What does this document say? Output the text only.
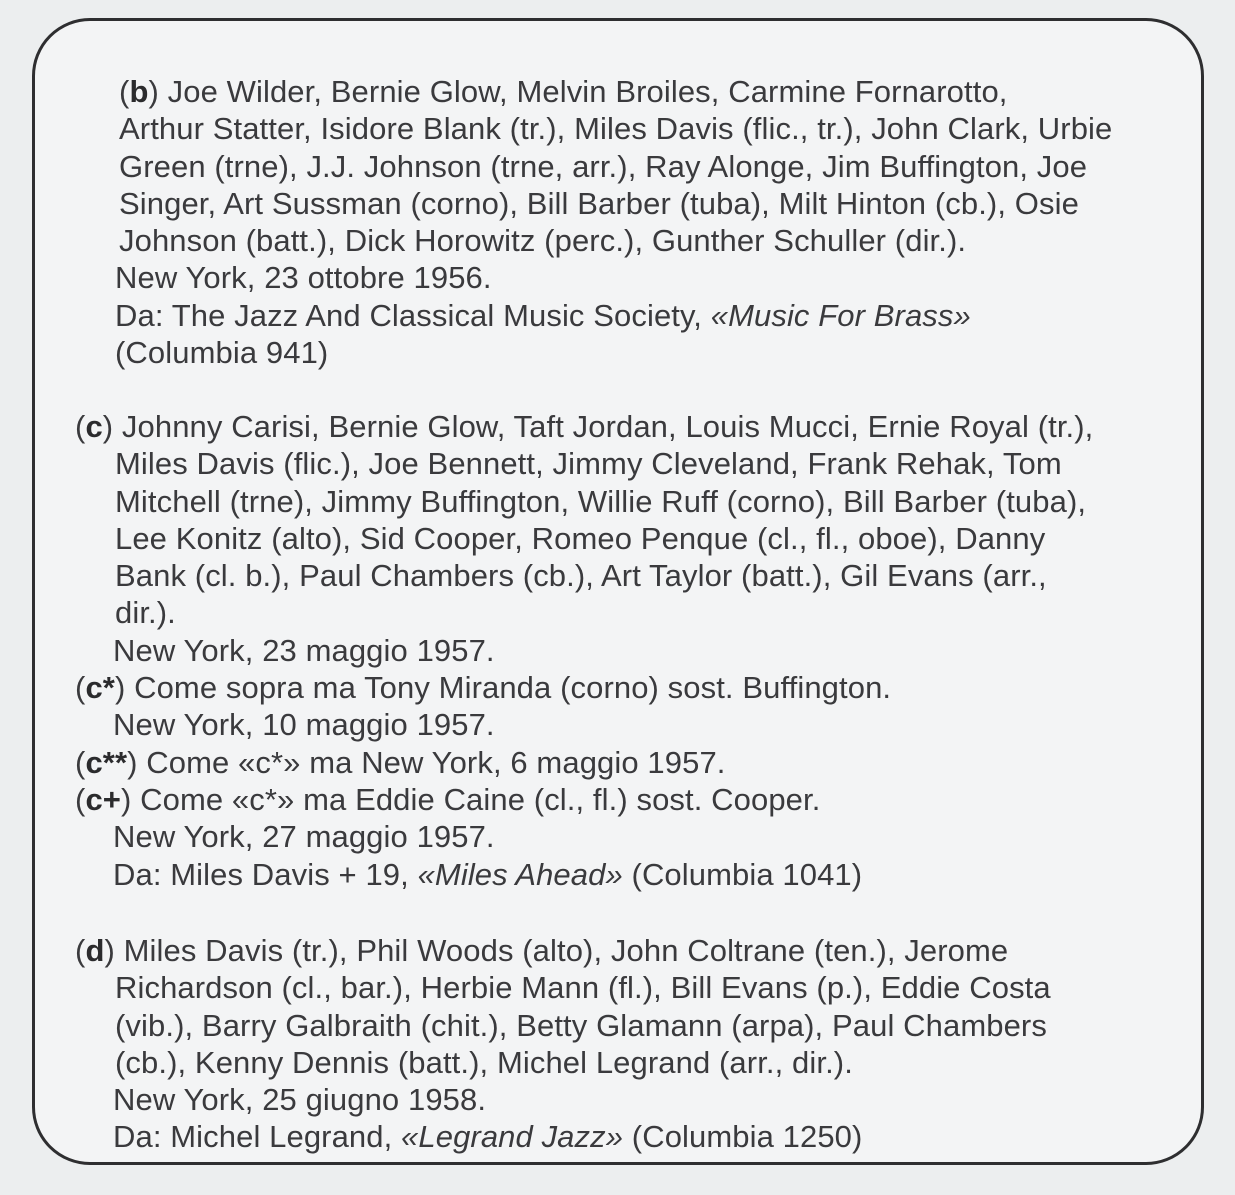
(b) Joe Wilder, Bernie Glow, Melvin Broiles, Carmine Fornarotto,
Arthur Statter, Isidore Blank (tr.), Miles Davis (flic., tr.), John Clark, Urbie
Green (trne), J.J. Johnson (trne, arr.), Ray Alonge, Jim Buffington, Joe
Singer, Art Sussman (corno), Bill Barber (tuba), Milt Hinton (cb.), Osie
Johnson (batt.), Dick Horowitz (perc.), Gunther Schuller (dir.).
New York, 23 ottobre 1956.
Da: The Jazz And Classical Music Society, «Music For Brass»
(Columbia 941)
(c) Johnny Carisi, Bernie Glow, Taft Jordan, Louis Mucci, Ernie Royal (tr.),
Miles Davis (flic.), Joe Bennett, Jimmy Cleveland, Frank Rehak, Tom
Mitchell (trne), Jimmy Buffington, Willie Ruff (corno), Bill Barber (tuba),
Lee Konitz (alto), Sid Cooper, Romeo Penque (cl., fl., oboe), Danny
Bank (cl. b.), Paul Chambers (cb.), Art Taylor (batt.), Gil Evans (arr.,
dir.).
New York, 23 maggio 1957.
(c*) Come sopra ma Tony Miranda (corno) sost. Buffington.
New York, 10 maggio 1957.
(c**) Come «c*» ma New York, 6 maggio 1957.
(c+) Come «c*» ma Eddie Caine (cl., fl.) sost. Cooper.
New York, 27 maggio 1957.
Da: Miles Davis + 19, «Miles Ahead» (Columbia 1041)
(d) Miles Davis (tr.), Phil Woods (alto), John Coltrane (ten.), Jerome
Richardson (cl., bar.), Herbie Mann (fl.), Bill Evans (p.), Eddie Costa
(vib.), Barry Galbraith (chit.), Betty Glamann (arpa), Paul Chambers
(cb.), Kenny Dennis (batt.), Michel Legrand (arr., dir.).
New York, 25 giugno 1958.
Da: Michel Legrand, «Legrand Jazz» (Columbia 1250)
